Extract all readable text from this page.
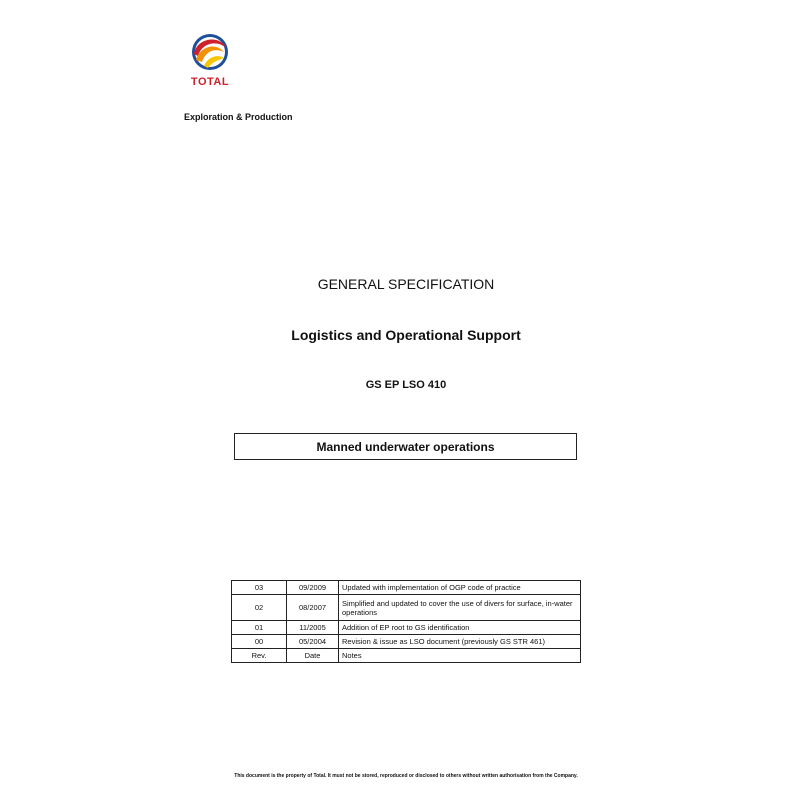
TOTAL
Exploration & Production
GENERAL SPECIFICATION
Logistics and Operational Support
GS EP LSO 410
Manned underwater operations
03	09/2009	Updated with implementation of OGP code of practice
02	08/2007	Simplified and updated to cover the use of divers for surface, in-water operations
01	11/2005	Addition of EP root to GS identification
00	05/2004	Revision & issue as LSO document (previously GS STR 461)
Rev.	Date	Notes
This document is the property of Total. It must not be stored, reproduced or disclosed to others without written authorisation from the Company.
